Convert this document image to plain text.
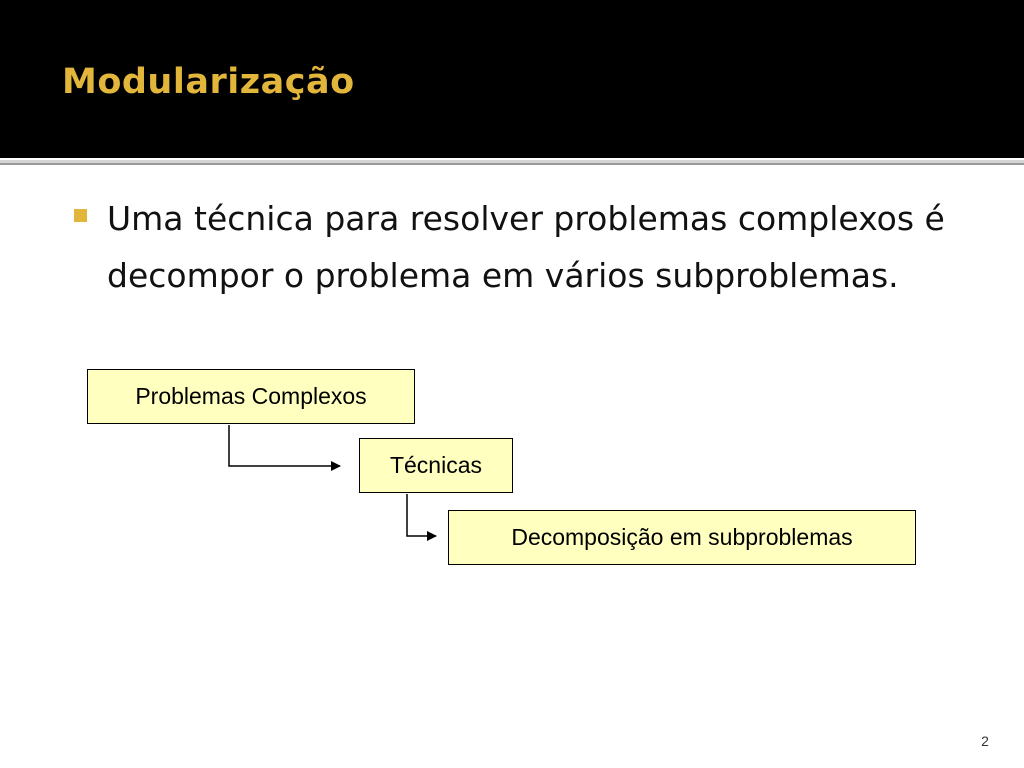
Modularização
Uma técnica para resolver problemas complexos é decompor o problema em vários subproblemas.
Problemas Complexos
Técnicas
Decomposição em subproblemas
2
